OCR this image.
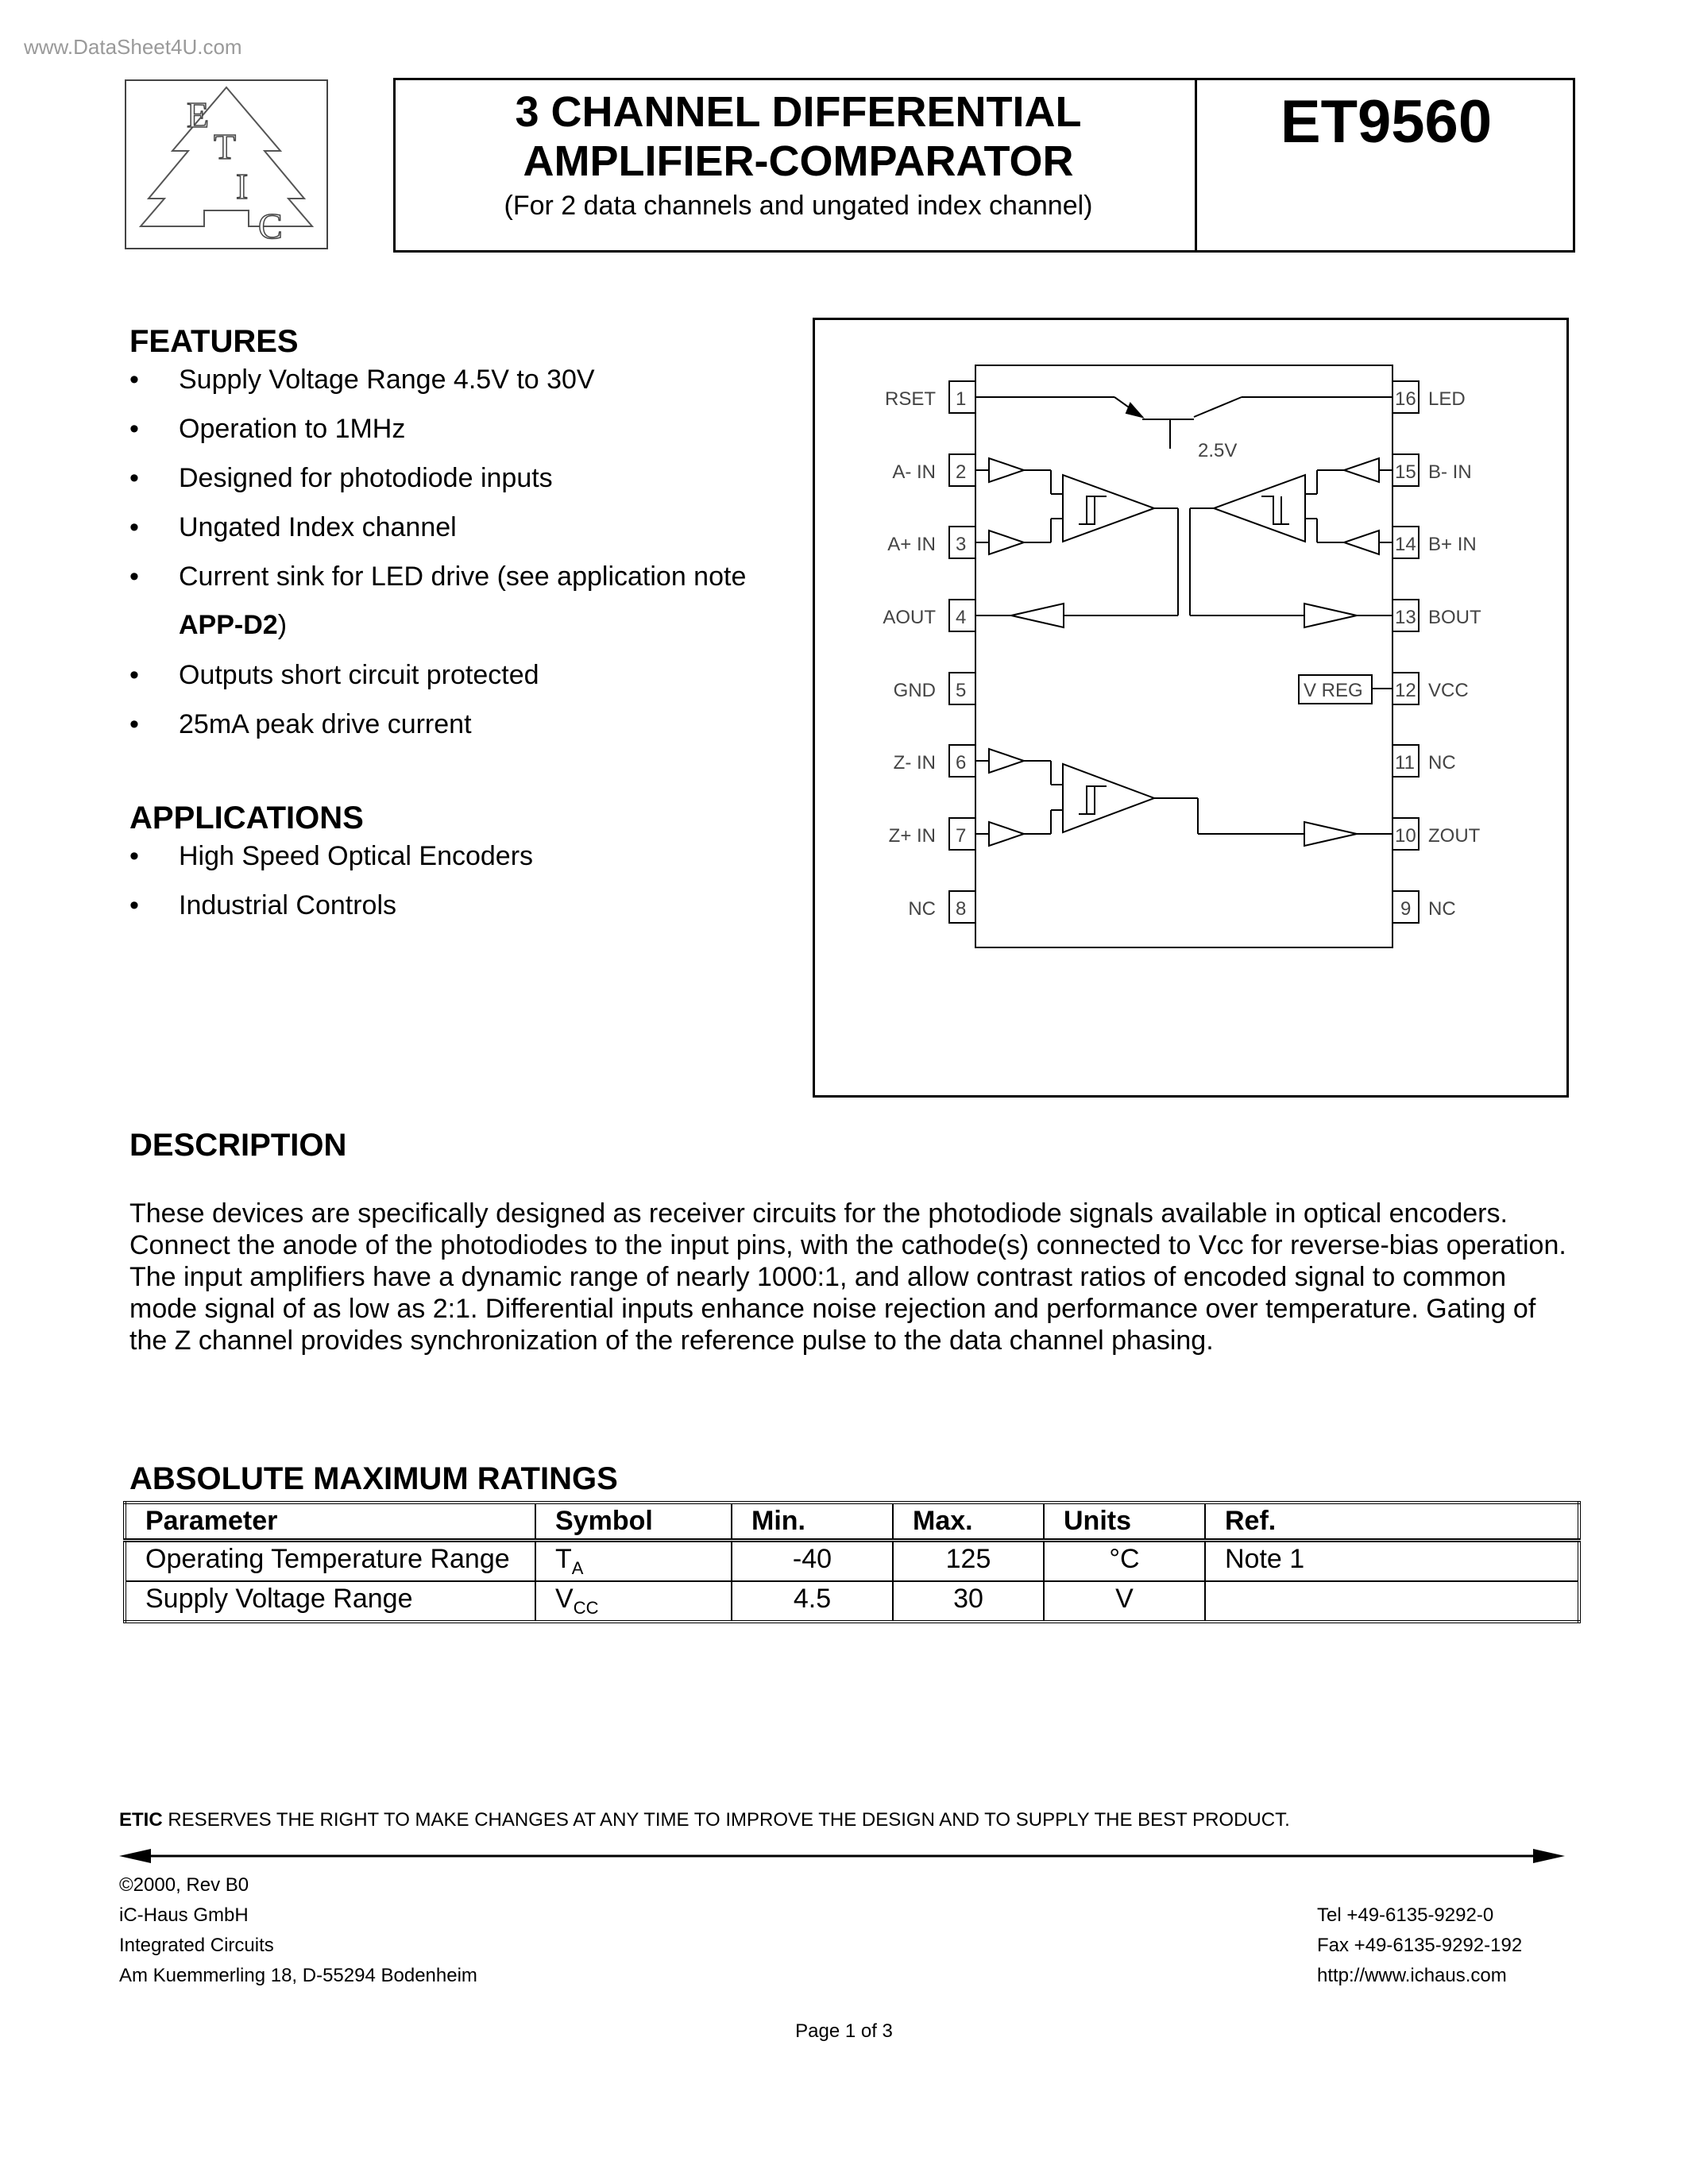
www.DataSheet4U.com
E
T
I
C
3 CHANNEL DIFFERENTIAL
AMPLIFIER-COMPARATOR
(For 2 data channels and ungated index channel)
ET9560
FEATURES
• Supply Voltage Range 4.5V to 30V
• Operation to 1MHz
• Designed for photodiode inputs
• Ungated Index channel
• Current sink for LED drive (see application note
APP-D2)
• Outputs short circuit protected
• 25mA peak drive current
APPLICATIONS
• High Speed Optical Encoders
• Industrial Controls
1
2
3
4
5
6
7
8
RSET
A- IN
A+ IN
AOUT
GND
Z- IN
Z+ IN
NC
16
15
14
13
12
11
10
9
LED
B- IN
B+ IN
BOUT
VCC
NC
ZOUT
NC
2.5V
V REG
DESCRIPTION
These devices are specifically designed as receiver circuits for the photodiode signals available in optical encoders. Connect the anode of the photodiodes to the input pins, with the cathode(s) connected to Vcc for reverse-bias operation. The input amplifiers have a dynamic range of nearly 1000:1, and allow contrast ratios of encoded signal to common mode signal of as low as 2:1. Differential inputs enhance noise rejection and performance over temperature. Gating of the Z channel provides synchronization of the reference pulse to the data channel phasing.
ABSOLUTE MAXIMUM RATINGS
Parameter	Symbol	Min.	Max.	Units	Ref.
Operating Temperature Range	$T_A$	-40	125	°C	Note 1
Supply Voltage Range	$V_{CC}$	4.5	30	V	
ETIC RESERVES THE RIGHT TO MAKE CHANGES AT ANY TIME TO IMPROVE THE DESIGN AND TO SUPPLY THE BEST PRODUCT.
©2000, Rev B0
iC-Haus GmbH
Integrated Circuits
Am Kuemmerling 18, D-55294 Bodenheim
Tel +49-6135-9292-0
Fax +49-6135-9292-192
http://www.ichaus.com
Page 1 of 3
